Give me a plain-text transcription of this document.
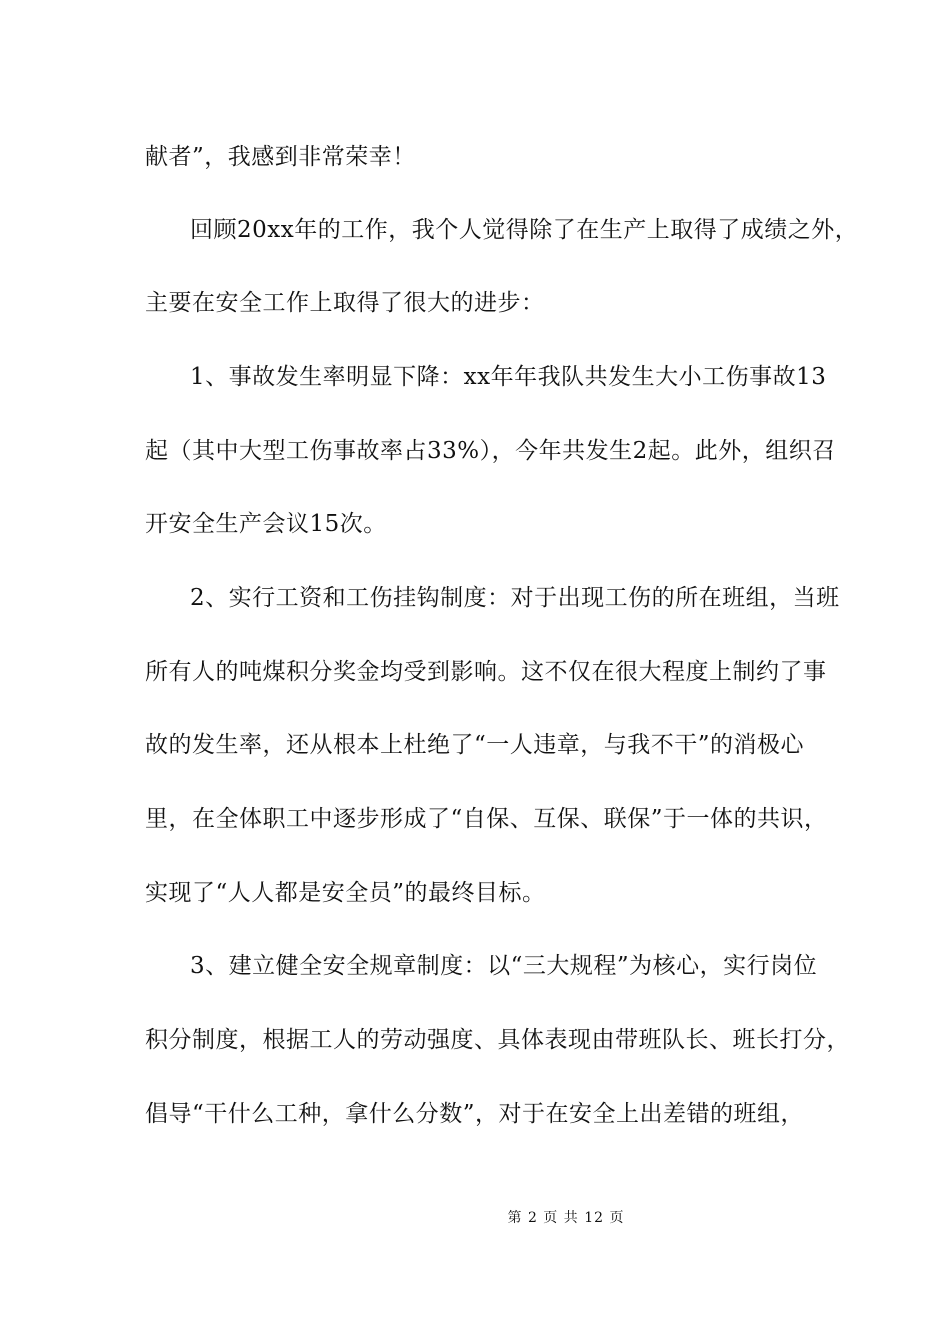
献者”，我感到非常荣幸！
回顾20xx年的工作，我个人觉得除了在生产上取得了成绩之外，
主要在安全工作上取得了很大的进步：
1、事故发生率明显下降：xx年年我队共发生大小工伤事故13
起（其中大型工伤事故率占33%），今年共发生2起。此外，组织召
开安全生产会议15次。
2、实行工资和工伤挂钩制度：对于出现工伤的所在班组，当班
所有人的吨煤积分奖金均受到影响。这不仅在很大程度上制约了事
故的发生率，还从根本上杜绝了“一人违章，与我不干”的消极心
里，在全体职工中逐步形成了“自保、互保、联保”于一体的共识，
实现了“人人都是安全员”的最终目标。
3、建立健全安全规章制度：以“三大规程”为核心，实行岗位
积分制度，根据工人的劳动强度、具体表现由带班队长、班长打分，
倡导“干什么工种，拿什么分数”，对于在安全上出差错的班组，
第 2 页 共 12 页
